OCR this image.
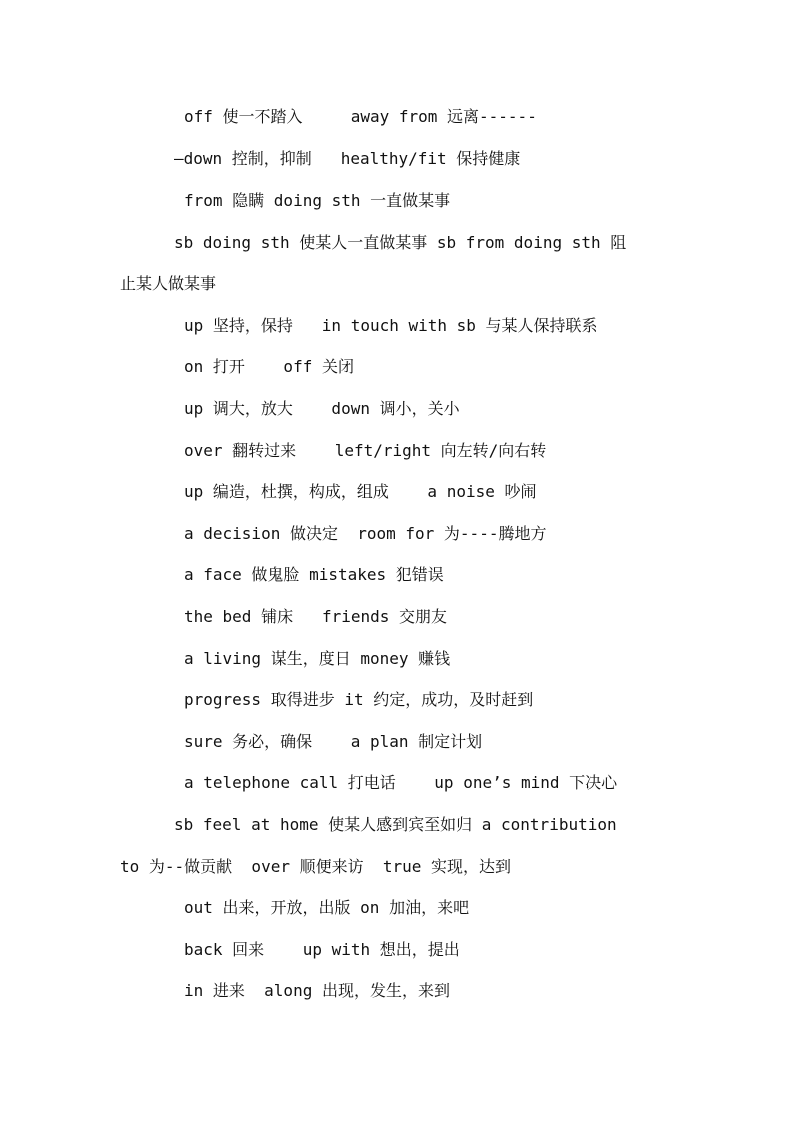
off 使一不踏入     away from 远离------
—down 控制，抑制   healthy/fit 保持健康
from 隐瞒 doing sth 一直做某事
sb doing sth 使某人一直做某事 sb from doing sth 阻
止某人做某事
up 坚持，保持   in touch with sb 与某人保持联系
on 打开    off 关闭
up 调大，放大    down 调小，关小
over 翻转过来    left/right 向左转/向右转
up 编造，杜撰，构成，组成    a noise 吵闹
a decision 做决定  room for 为----腾地方
a face 做鬼脸 mistakes 犯错误
the bed 铺床   friends 交朋友
a living 谋生，度日 money 赚钱
progress 取得进步 it 约定，成功，及时赶到
sure 务必，确保    a plan 制定计划
a telephone call 打电话    up one’s mind 下决心
sb feel at home 使某人感到宾至如归 a contribution
to 为--做贡献  over 顺便来访  true 实现，达到
out 出来，开放，出版 on 加油，来吧
back 回来    up with 想出，提出
in 进来  along 出现，发生，来到
